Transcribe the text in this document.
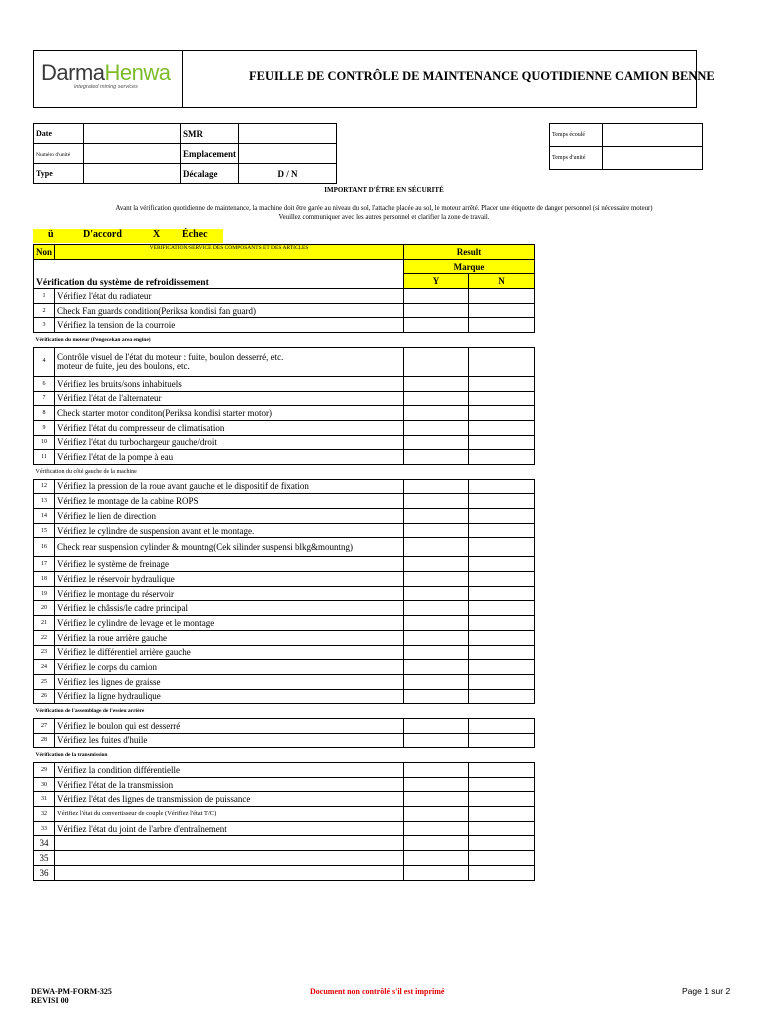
DarmaHenwa
integrated mining services
FEUILLE DE CONTRÔLE DE MAINTENANCE QUOTIDIENNE CAMION BENNE
Date		SMR	
Numéro d'unité		Emplacement	
Type		Décalage	D / N
Temps écoulé	
Temps d'unité	
IMPORTANT D'ÊTRE EN SÉCURITÉ
Avant la vérification quotidienne de maintenance, la machine doit être garée au niveau du sol, l'attache placée au sol, le moteur arrêté. Placer une étiquette de danger personnel (si nécessaire moteur)
Veuillez communiquer avec les autres personnel et clarifier la zone de travail.
ü	D'accord	X Échec
Non	VÉRIFICATION/SERVICE DES COMPOSANTS ET DES ARTICLES	Result	
Vérification du système de refroidissement		Marque	
		Y	N
1	Vérifiez l'état du radiateur		
2	Check Fan guards condition(Periksa kondisi fan guard)		
3	Vérifiez la tension de la courroie		
Vérification du moteur (Pengecekan area engine)			
4	Contrôle visuel de l'état du moteur : fuite, boulon desserré, etc.
moteur de fuite, jeu des boulons, etc.		
6	Vérifiez les bruits/sons inhabituels		
7	Vérifiez l'état de l'alternateur		
8	Check starter motor conditon(Periksa kondisi starter motor)		
9	Vérifiez l'état du compresseur de climatisation		
10	Vérifiez l'état du turbochargeur gauche/droit		
11	Vérifiez l'état de la pompe à eau		
Vérification du côté gauche de la machine			
12	Vérifiez la pression de la roue avant gauche et le dispositif de fixation		
13	Vérifiez le montage de la cabine ROPS		
14	Vérifiez le lien de direction		
15	Vérifiez le cylindre de suspension avant et le montage.		
16	Check rear suspension cylinder & mountng(Cek silinder suspensi blkg&mountng)		
17	Vérifiez le système de freinage		
18	Vérifiez le réservoir hydraulique		
19	Vérifiez le montage du réservoir		
20	Vérifiez le châssis/le cadre principal		
21	Vérifiez le cylindre de levage et le montage		
22	Vérifiez la roue arrière gauche		
23	Vérifiez le différentiel arrière gauche		
24	Vérifiez le corps du camion		
25	Vérifiez les lignes de graisse		
26	Vérifiez la ligne hydraulique		
Vérification de l'assemblage de l'essieu arrière			
27	Vérifiez le boulon qui est desserré		
28	Vérifiez les fuites d'huile		
Vérification de la transmission			
29	Vérifiez la condition différentielle		
30	Vérifiez l'état de la transmission		
31	Vérifiez l'état des lignes de transmission de puissance		
32	Vérifiez l'état du convertisseur de couple (Vérifiez l'état T/C)		
33	Vérifiez l'état du joint de l'arbre d'entraînement		
34			
35			
36			
DEWA-PM-FORM-325
REVISI 00
Document non contrôlé s'il est imprimé	Page 1 sur 2
